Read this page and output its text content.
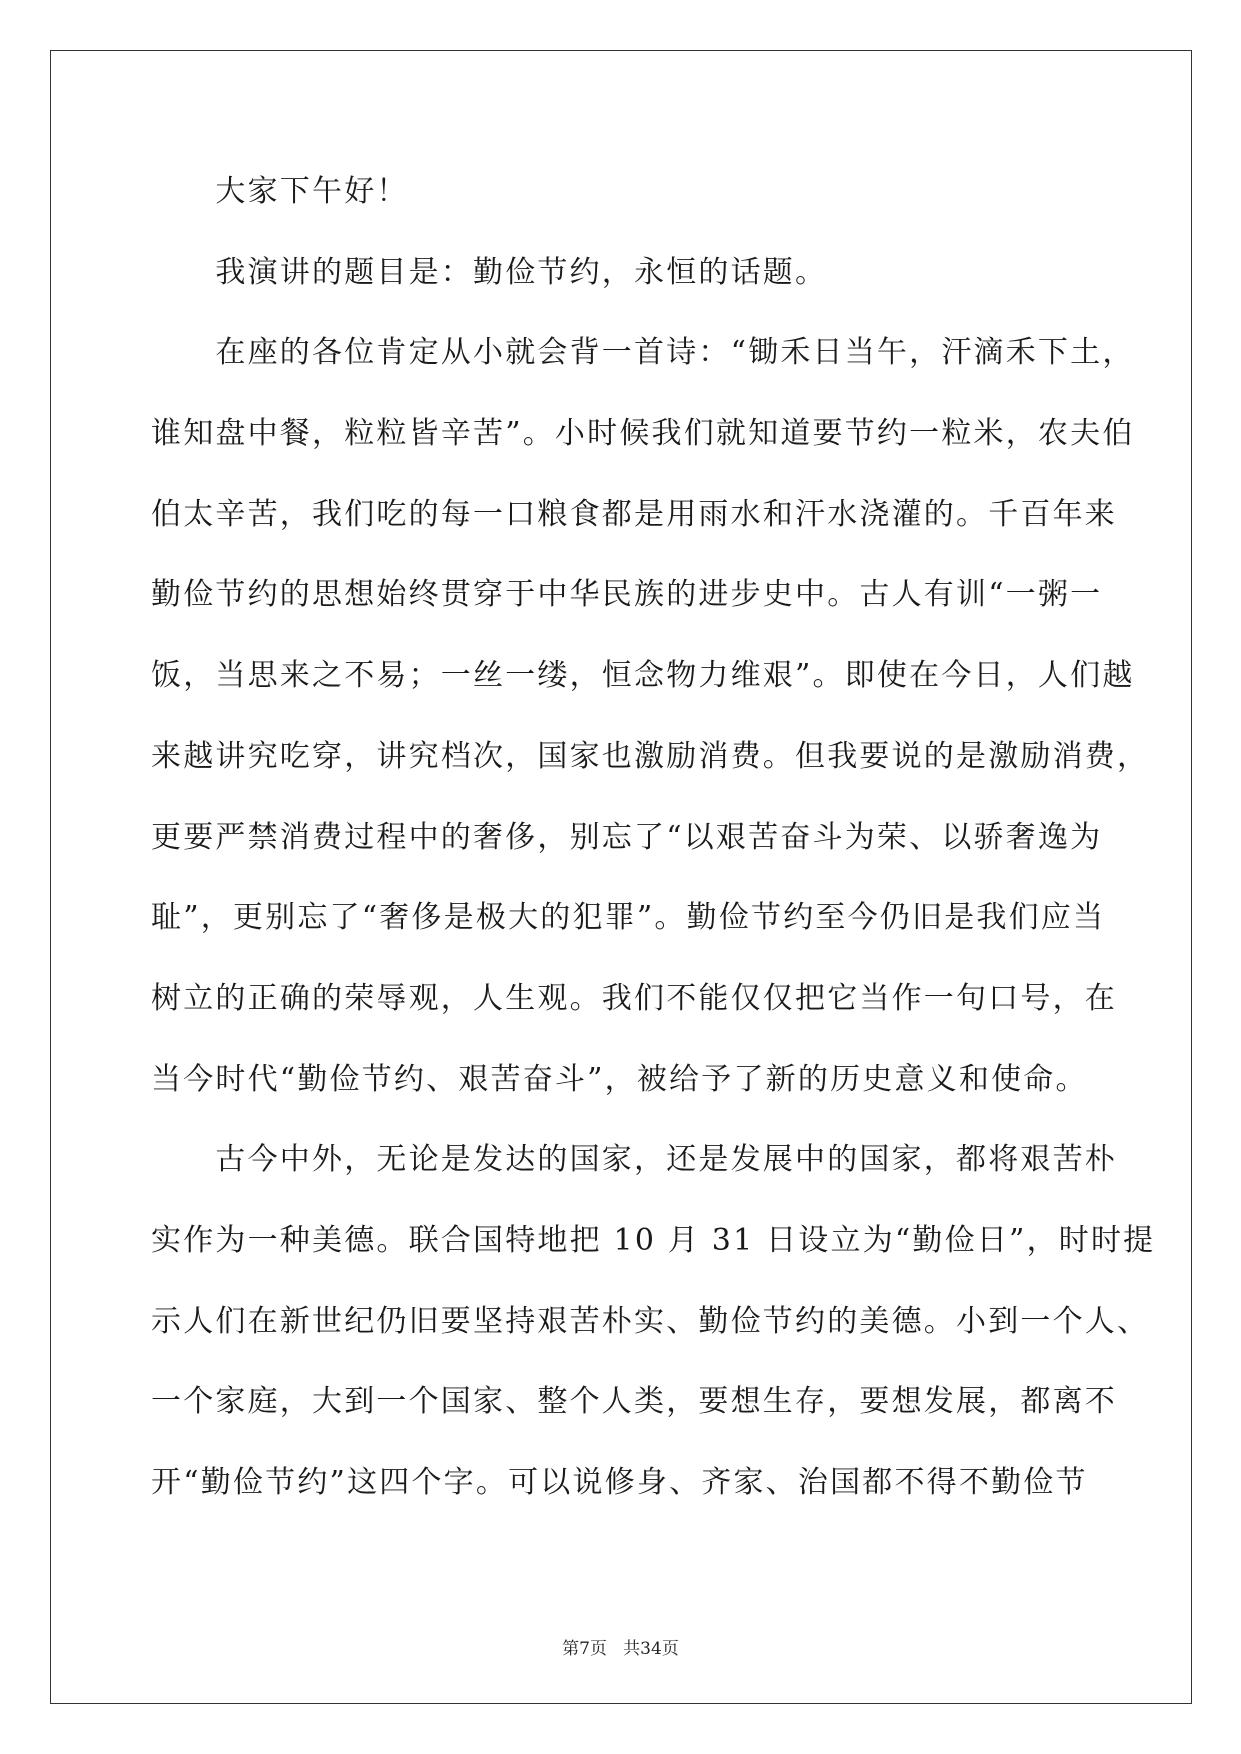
　　大家下午好！
　　我演讲的题目是：勤俭节约，永恒的话题。
　　在座的各位肯定从小就会背一首诗：“锄禾日当午，汗滴禾下土，
谁知盘中餐，粒粒皆辛苦”。小时候我们就知道要节约一粒米，农夫伯
伯太辛苦，我们吃的每一口粮食都是用雨水和汗水浇灌的。千百年来
勤俭节约的思想始终贯穿于中华民族的进步史中。古人有训“一粥一
饭，当思来之不易；一丝一缕，恒念物力维艰”。即使在今日，人们越
来越讲究吃穿，讲究档次，国家也激励消费。但我要说的是激励消费，
更要严禁消费过程中的奢侈，别忘了“以艰苦奋斗为荣、以骄奢逸为
耻”，更别忘了“奢侈是极大的犯罪”。勤俭节约至今仍旧是我们应当
树立的正确的荣辱观，人生观。我们不能仅仅把它当作一句口号，在
当今时代“勤俭节约、艰苦奋斗”，被给予了新的历史意义和使命。
　　古今中外，无论是发达的国家，还是发展中的国家，都将艰苦朴
实作为一种美德。联合国特地把 10 月 31 日设立为“勤俭日”，时时提
示人们在新世纪仍旧要坚持艰苦朴实、勤俭节约的美德。小到一个人、
一个家庭，大到一个国家、整个人类，要想生存，要想发展，都离不
开“勤俭节约”这四个字。可以说修身、齐家、治国都不得不勤俭节
第7页   共34页
